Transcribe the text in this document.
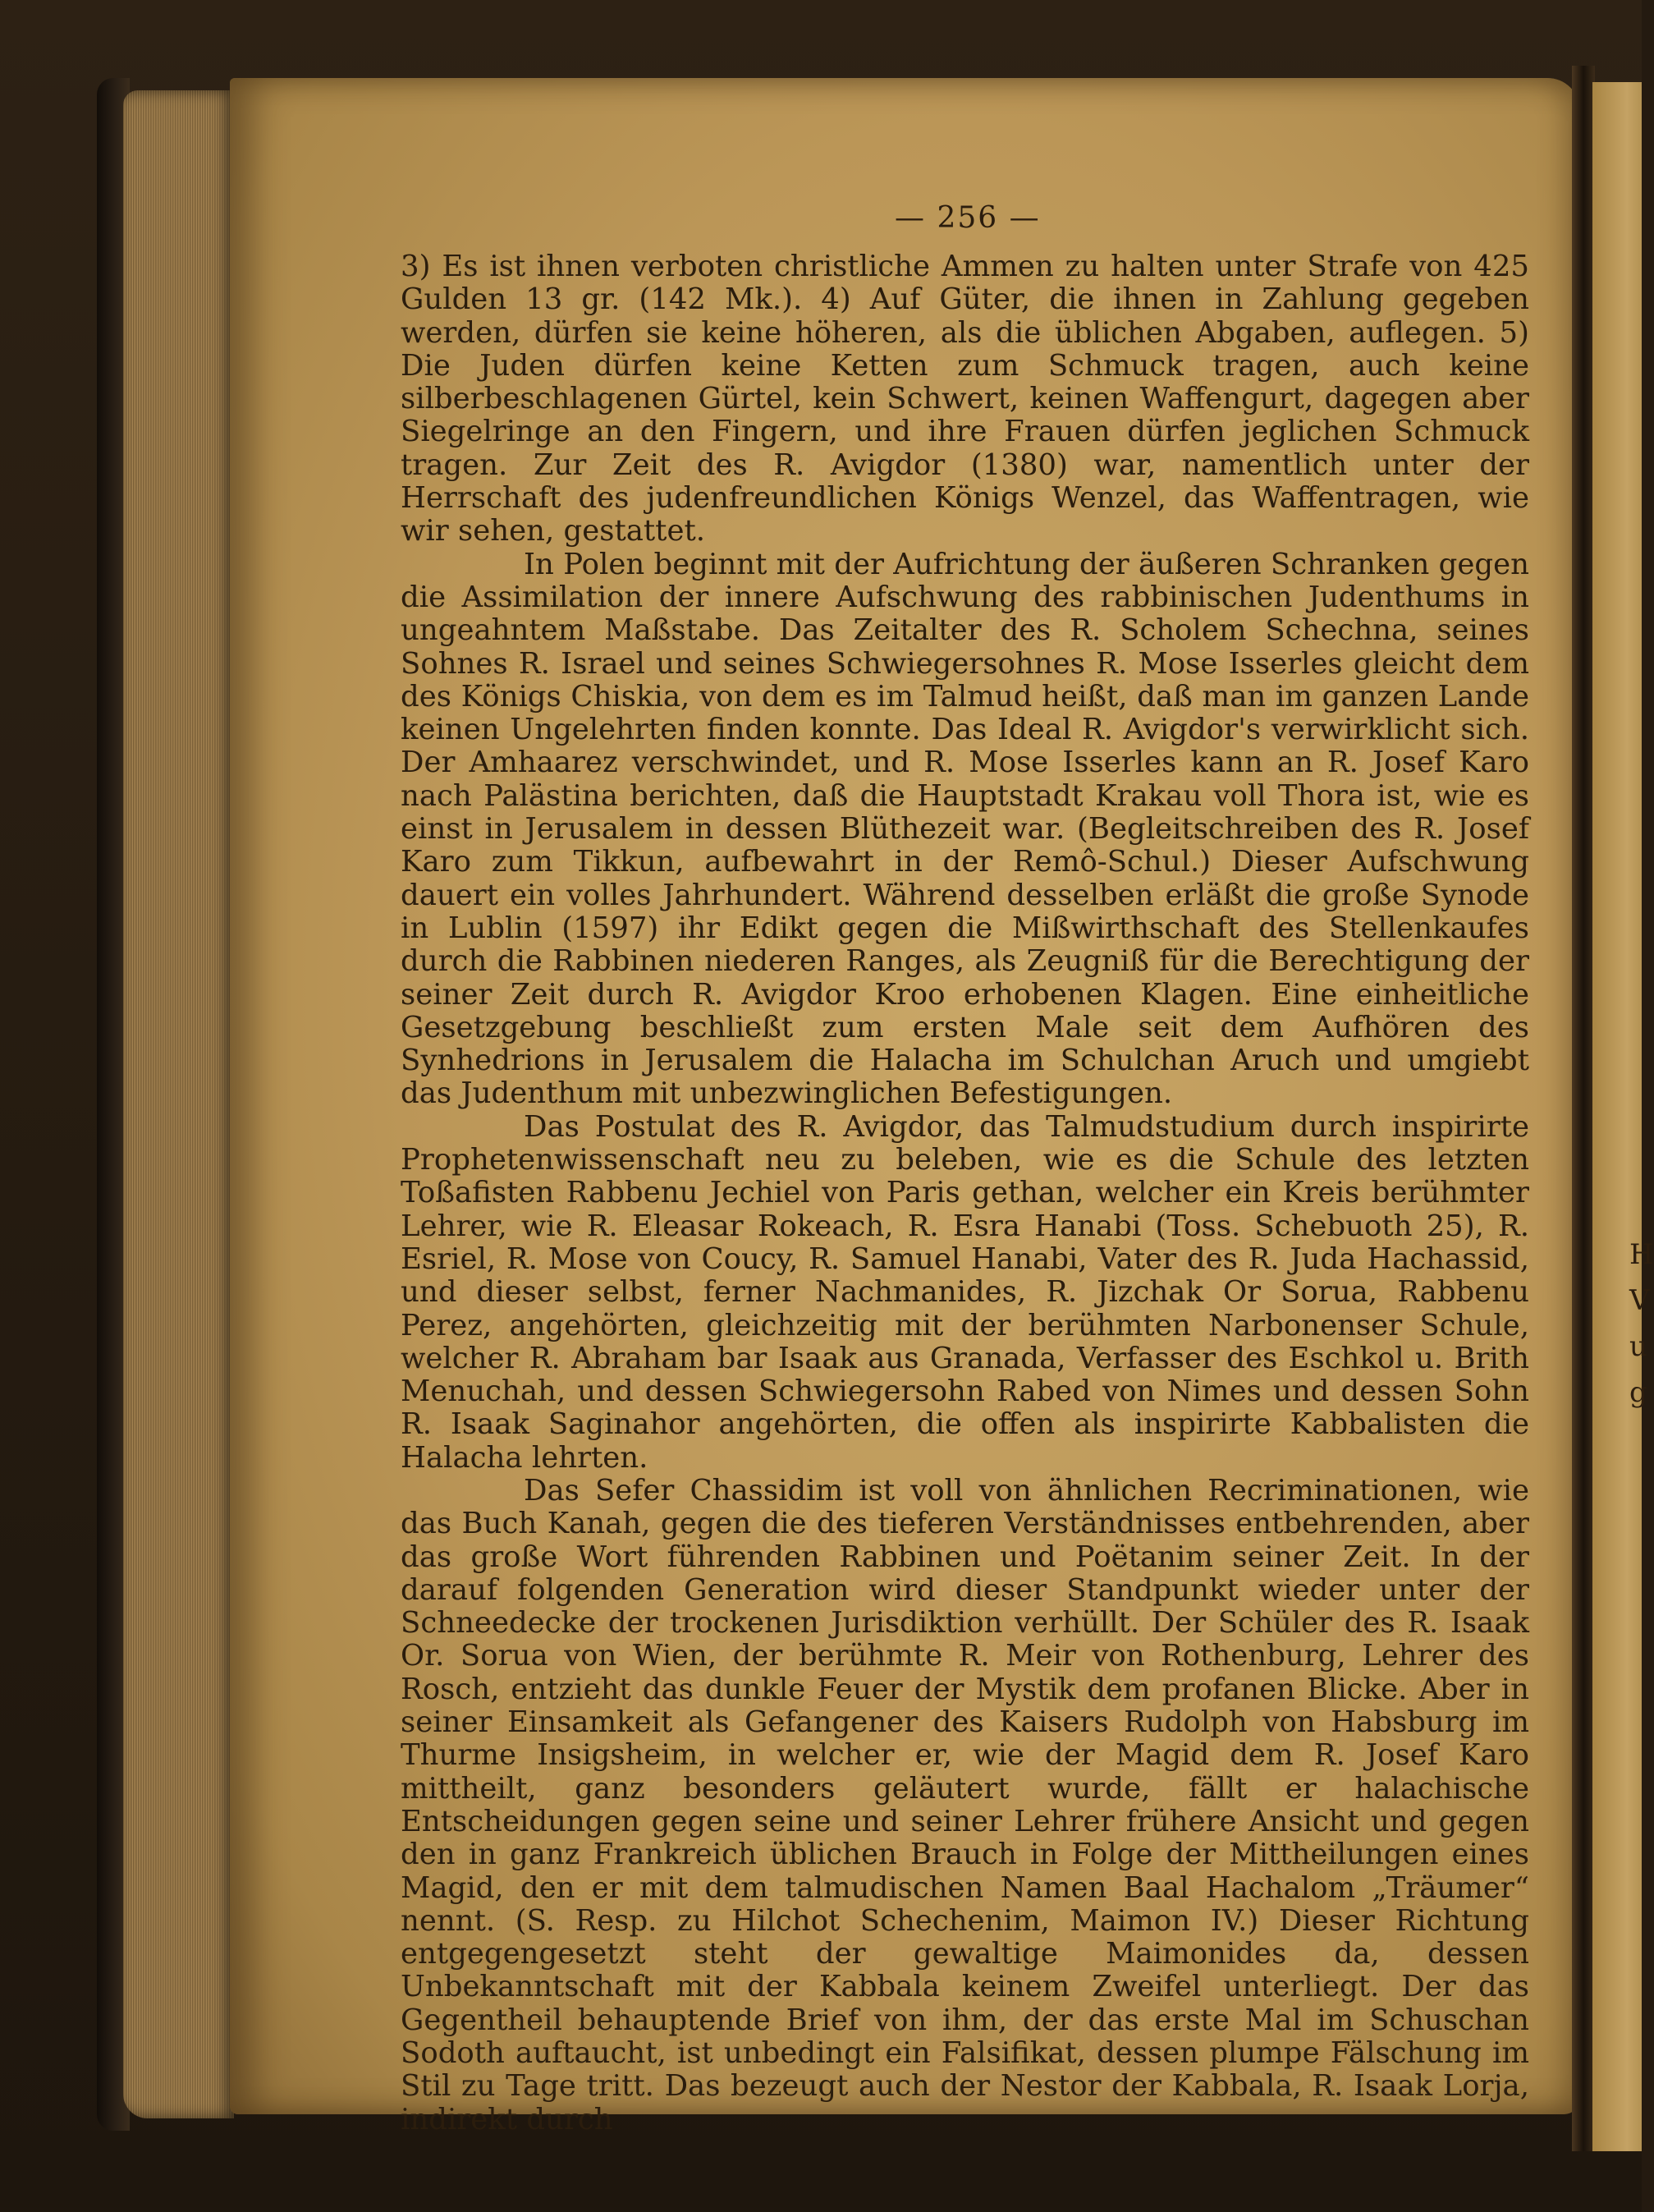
H
V
u
g
— 256 —

3) Es ist ihnen verboten christliche Ammen zu halten unter Strafe von 425 Gulden 13 gr. (142 Mk.). 4) Auf Güter, die ihnen in Zahlung gegeben werden, dürfen sie keine höheren, als die üblichen Abgaben, auflegen. 5) Die Juden dürfen keine Ketten zum Schmuck tragen, auch keine silberbeschlagenen Gürtel, kein Schwert, keinen Waffengurt, dagegen aber Siegelringe an den Fingern, und ihre Frauen dürfen jeglichen Schmuck tragen. Zur Zeit des R. Avigdor (1380) war, namentlich unter der Herrschaft des judenfreundlichen Königs Wenzel, das Waffentragen, wie wir sehen, gestattet.

In Polen beginnt mit der Aufrichtung der äußeren Schranken gegen die Assimilation der innere Aufschwung des rabbinischen Judenthums in ungeahntem Maßstabe. Das Zeitalter des R. Scholem Schechna, seines Sohnes R. Israel und seines Schwiegersohnes R. Mose Isserles gleicht dem des Königs Chiskia, von dem es im Talmud heißt, daß man im ganzen Lande keinen Ungelehrten finden konnte. Das Ideal R. Avigdor's verwirklicht sich. Der Amhaarez verschwindet, und R. Mose Isserles kann an R. Josef Karo nach Palästina berichten, daß die Hauptstadt Krakau voll Thora ist, wie es einst in Jerusalem in dessen Blüthezeit war. (Begleitschreiben des R. Josef Karo zum Tikkun, aufbewahrt in der Remô-Schul.) Dieser Aufschwung dauert ein volles Jahrhundert. Während desselben erläßt die große Synode in Lublin (1597) ihr Edikt gegen die Mißwirthschaft des Stellenkaufes durch die Rabbinen niederen Ranges, als Zeugniß für die Berechtigung der seiner Zeit durch R. Avigdor Kroo erhobenen Klagen. Eine einheitliche Gesetzgebung beschließt zum ersten Male seit dem Aufhören des Synhedrions in Jerusalem die Halacha im Schulchan Aruch und umgiebt das Judenthum mit unbezwinglichen Befestigungen.

Das Postulat des R. Avigdor, das Talmudstudium durch inspirirte Prophetenwissenschaft neu zu beleben, wie es die Schule des letzten Toßafisten Rabbenu Jechiel von Paris gethan, welcher ein Kreis berühmter Lehrer, wie R. Eleasar Rokeach, R. Esra Hanabi (Toss. Schebuoth 25), R. Esriel, R. Mose von Coucy, R. Samuel Hanabi, Vater des R. Juda Hachassid, und dieser selbst, ferner Nachmanides, R. Jizchak Or Sorua, Rabbenu Perez, angehörten, gleichzeitig mit der berühmten Narbonenser Schule, welcher R. Abraham bar Isaak aus Granada, Verfasser des Eschkol u. Brith Menuchah, und dessen Schwiegersohn Rabed von Nimes und dessen Sohn R. Isaak Saginahor angehörten, die offen als inspirirte Kabbalisten die Halacha lehrten.

Das Sefer Chassidim ist voll von ähnlichen Recriminationen, wie das Buch Kanah, gegen die des tieferen Verständnisses entbehrenden, aber das große Wort führenden Rabbinen und Poëtanim seiner Zeit. In der darauf folgenden Generation wird dieser Standpunkt wieder unter der Schneedecke der trockenen Jurisdiktion verhüllt. Der Schüler des R. Isaak Or. Sorua von Wien, der berühmte R. Meir von Rothenburg, Lehrer des Rosch, entzieht das dunkle Feuer der Mystik dem profanen Blicke. Aber in seiner Einsamkeit als Gefangener des Kaisers Rudolph von Habsburg im Thurme Insigsheim, in welcher er, wie der Magid dem R. Josef Karo mittheilt, ganz besonders geläutert wurde, fällt er halachische Entscheidungen gegen seine und seiner Lehrer frühere Ansicht und gegen den in ganz Frankreich üblichen Brauch in Folge der Mittheilungen eines Magid, den er mit dem talmudischen Namen Baal Hachalom „Träumer“ nennt. (S. Resp. zu Hilchot Schechenim, Maimon IV.) Dieser Richtung entgegengesetzt steht der gewaltige Maimonides da, dessen Unbekanntschaft mit der Kabbala keinem Zweifel unterliegt. Der das Gegentheil behauptende Brief von ihm, der das erste Mal im Schuschan Sodoth auftaucht, ist unbedingt ein Falsifikat, dessen plumpe Fälschung im Stil zu Tage tritt. Das bezeugt auch der Nestor der Kabbala, R. Isaak Lorja, indirekt durch
